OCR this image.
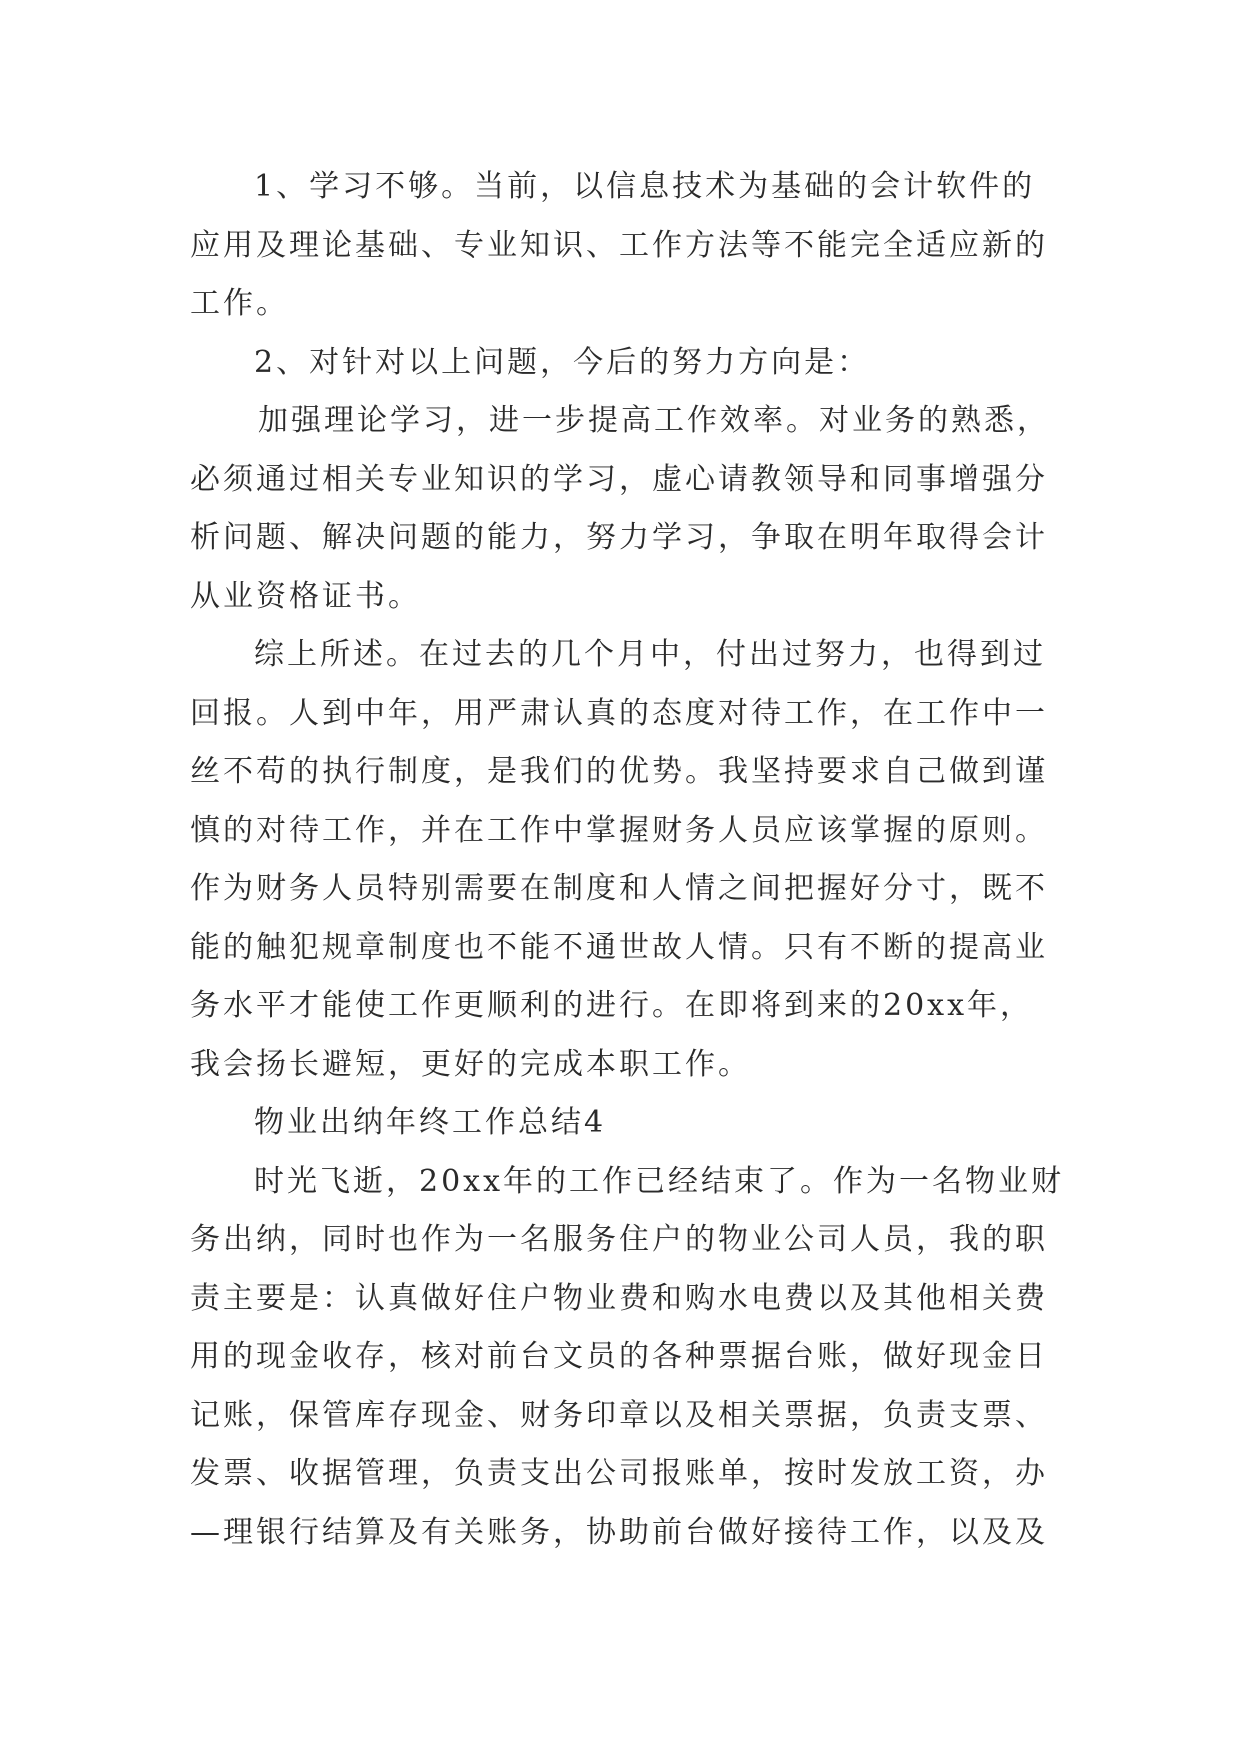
1、学习不够。当前，以信息技术为基础的会计软件的
应用及理论基础、专业知识、工作方法等不能完全适应新的
工作。
2、对针对以上问题，今后的努力方向是：
加强理论学习，进一步提高工作效率。对业务的熟悉，
必须通过相关专业知识的学习，虚心请教领导和同事增强分
析问题、解决问题的能力，努力学习，争取在明年取得会计
从业资格证书。
综上所述。在过去的几个月中，付出过努力，也得到过
回报。人到中年，用严肃认真的态度对待工作，在工作中一
丝不苟的执行制度，是我们的优势。我坚持要求自己做到谨
慎的对待工作，并在工作中掌握财务人员应该掌握的原则。
作为财务人员特别需要在制度和人情之间把握好分寸，既不
能的触犯规章制度也不能不通世故人情。只有不断的提高业
务水平才能使工作更顺利的进行。在即将到来的20xx年，
我会扬长避短，更好的完成本职工作。
物业出纳年终工作总结4
时光飞逝，20xx年的工作已经结束了。作为一名物业财
务出纳，同时也作为一名服务住户的物业公司人员，我的职
责主要是：认真做好住户物业费和购水电费以及其他相关费
用的现金收存，核对前台文员的各种票据台账，做好现金日
记账，保管库存现金、财务印章以及相关票据，负责支票、
发票、收据管理，负责支出公司报账单，按时发放工资，办
—理银行结算及有关账务，协助前台做好接待工作，以及及
